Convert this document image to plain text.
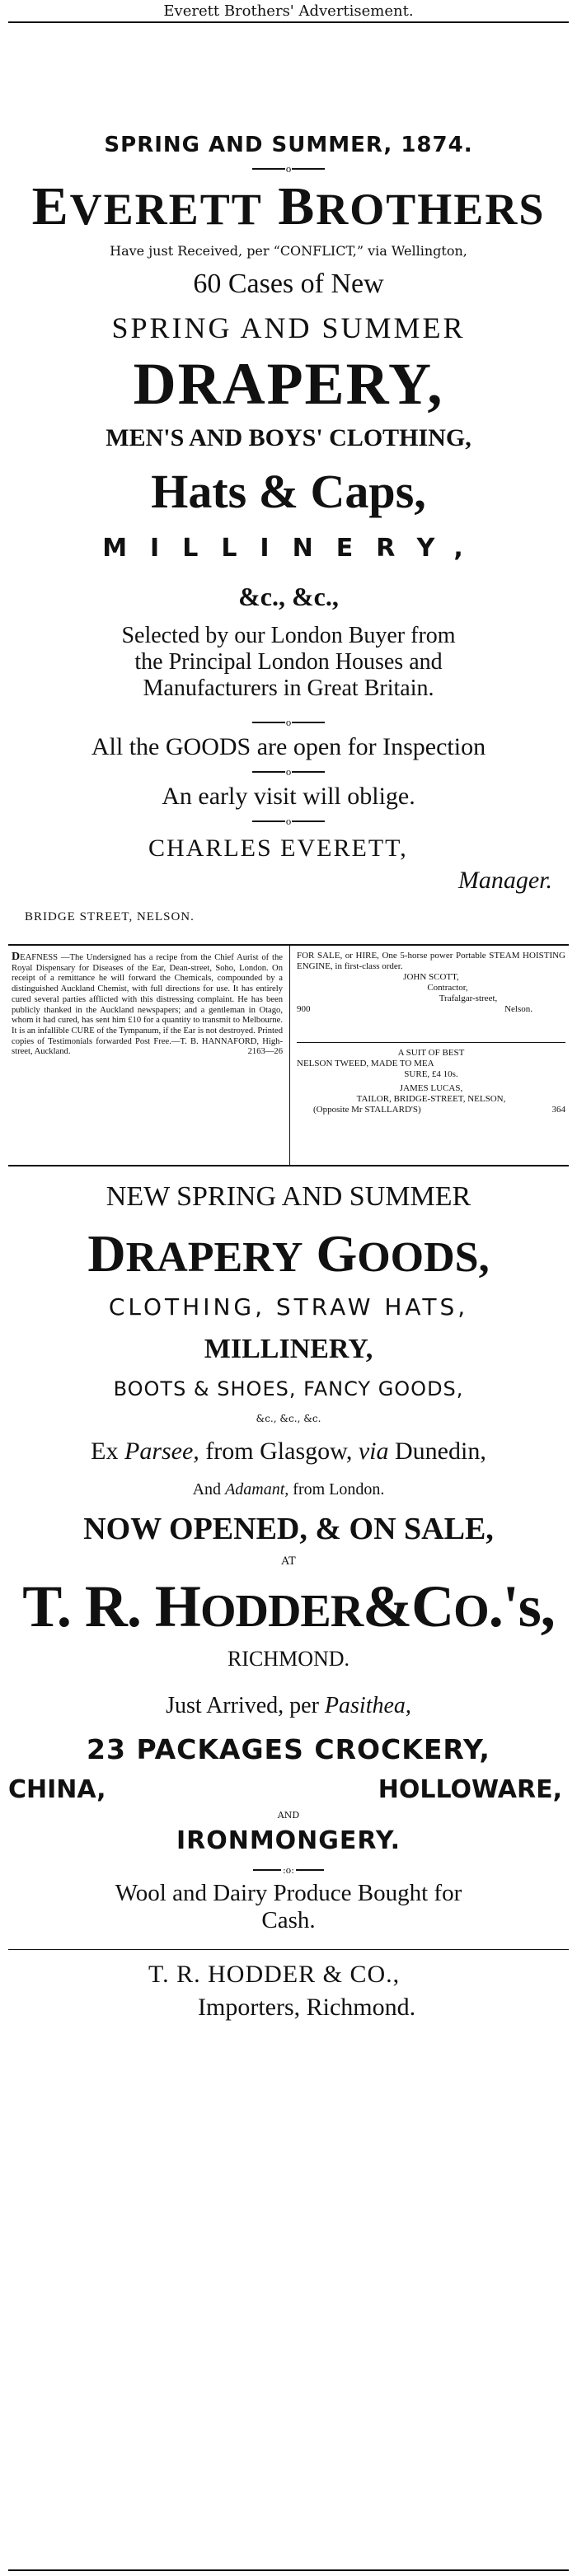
Everett Brothers' Advertisement.
SPRING AND SUMMER, 1874.
o
EVERETT BROTHERS
Have just Received, per “CONFLICT,” via Wellington,
60 Cases of New
SPRING AND SUMMER
DRAPERY,
MEN'S AND BOYS' CLOTHING,
Hats & Caps,
MILLINERY,
&c., &c.,
Selected by our London Buyer from
the Principal London Houses and
Manufacturers in Great Britain.
o
All the GOODS are open for Inspection
o
An early visit will oblige.
o
CHARLES EVERETT,
Manager.
BRIDGE STREET, NELSON.
DEAFNESS —The Undersigned has a recipe from the Chief Aurist of the Royal Dispensary for Diseases of the Ear, Dean-street, Soho, London. On receipt of a remittance he will forward the Chemicals, compounded by a distinguished Auckland Chemist, with full directions for use. It has entirely cured several parties afflicted with this distressing complaint. He has been publicly thanked in the Auckland newspapers; and a gentleman in Otago, whom it had cured, has sent him £10 for a quantity to transmit to Melbourne. It is an infallible CURE of the Tympanum, if the Ear is not destroyed. Printed copies of Testimonials forwarded Post Free.—T. B. HANNAFORD, High-street, Auckland.	2163—26
FOR SALE, or HIRE, One 5-horse power Portable STEAM HOISTING ENGINE, in first-class order.
JOHN SCOTT,
Contractor,
Trafalgar-street,
900	Nelson.
A SUIT OF BEST
NELSON TWEED, MADE TO MEA
SURE, £4 10s.
JAMES LUCAS,
TAILOR, BRIDGE-STREET, NELSON,
(Opposite Mr STALLARD'S)	364
NEW SPRING AND SUMMER
DRAPERY GOODS,
CLOTHING, STRAW HATS,
MILLINERY,
BOOTS & SHOES, FANCY GOODS,
&c., &c., &c.
Ex Parsee, from Glasgow, via Dunedin,
And Adamant, from London.
NOW OPENED, & ON SALE,
AT
T. R. HODDER&CO.'s,
RICHMOND.
Just Arrived, per Pasithea,
23 PACKAGES CROCKERY,
CHINA,	HOLLOWARE,
AND
IRONMONGERY.
:o:
Wool and Dairy Produce Bought for
Cash.
T. R. HODDER & CO.,
Importers, Richmond.
